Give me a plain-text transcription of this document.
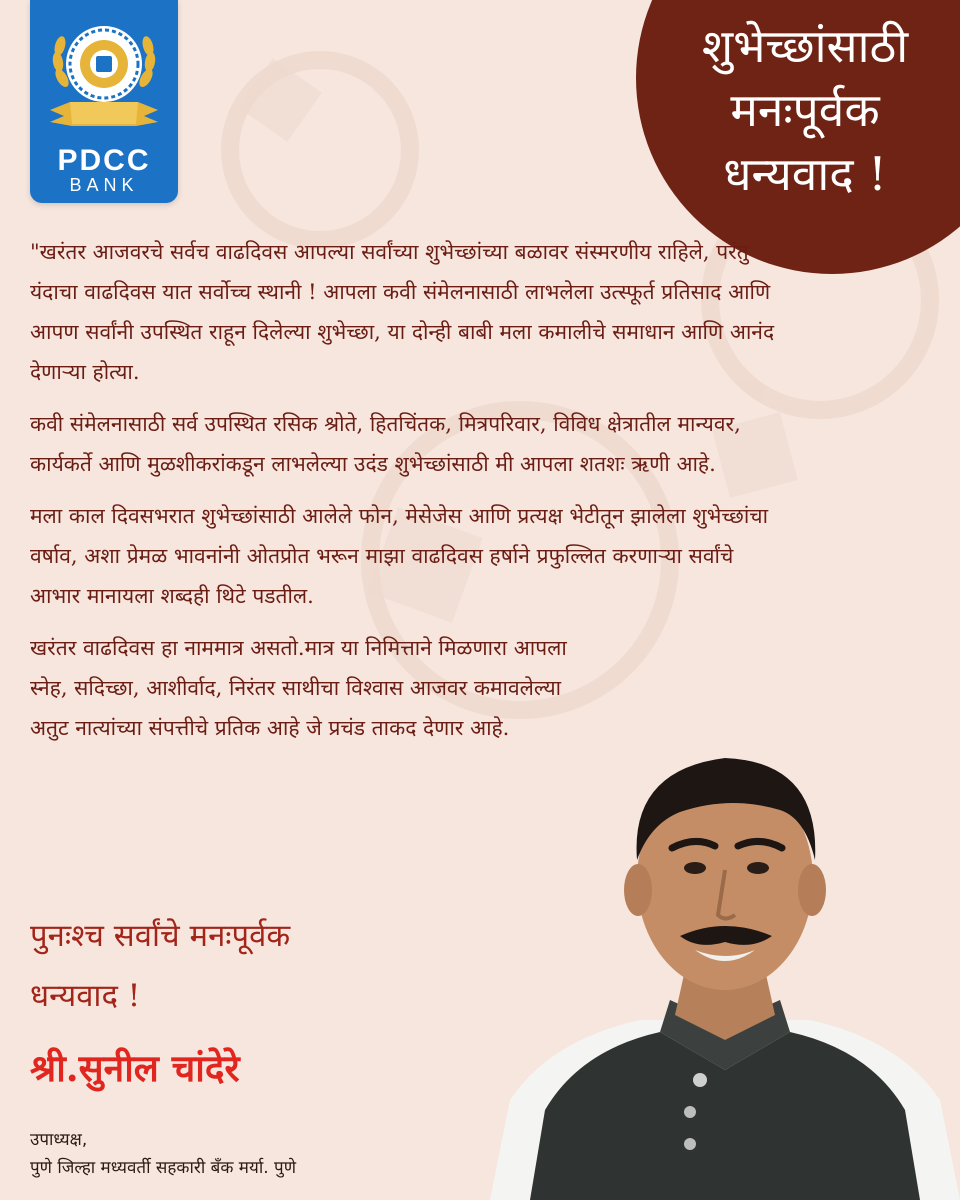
PDCC
BANK
शुभेच्छांसाठी
मनःपूर्वक
धन्यवाद !

"खरंतर आजवरचे सर्वच वाढदिवस आपल्या सर्वांच्या शुभेच्छांच्या बळावर संस्मरणीय राहिले, परंतु यंदाचा वाढदिवस यात सर्वोच्च स्थानी ! आपला कवी संमेलनासाठी लाभलेला उत्स्फूर्त प्रतिसाद आणि आपण सर्वांनी उपस्थित राहून दिलेल्या शुभेच्छा, या दोन्ही बाबी मला कमालीचे समाधान आणि आनंद देणाऱ्या होत्या.

कवी संमेलनासाठी सर्व उपस्थित रसिक श्रोते, हितचिंतक, मित्रपरिवार, विविध क्षेत्रातील मान्यवर, कार्यकर्ते आणि मुळशीकरांकडून लाभलेल्या उदंड शुभेच्छांसाठी मी आपला शतशः ऋणी आहे.

मला काल दिवसभरात शुभेच्छांसाठी आलेले फोन, मेसेजेस आणि प्रत्यक्ष भेटीतून झालेला शुभेच्छांचा वर्षाव, अशा प्रेमळ भावनांनी ओतप्रोत भरून माझा वाढदिवस हर्षाने प्रफुल्लित करणाऱ्या सर्वांचे आभार मानायला शब्दही थिटे पडतील.

खरंतर वाढदिवस हा नाममात्र असतो.मात्र या निमित्ताने मिळणारा आपला स्नेह, सदिच्छा, आशीर्वाद, निरंतर साथीचा विश्वास आजवर कमावलेल्या अतुट नात्यांच्या संपत्तीचे प्रतिक आहे जे प्रचंड ताकद देणार आहे.

पुनःश्च सर्वांचे मनःपूर्वक
धन्यवाद !
श्री.सुनील चांदेरे
उपाध्यक्ष,
पुणे जिल्हा मध्यवर्ती सहकारी बँक मर्या. पुणे
